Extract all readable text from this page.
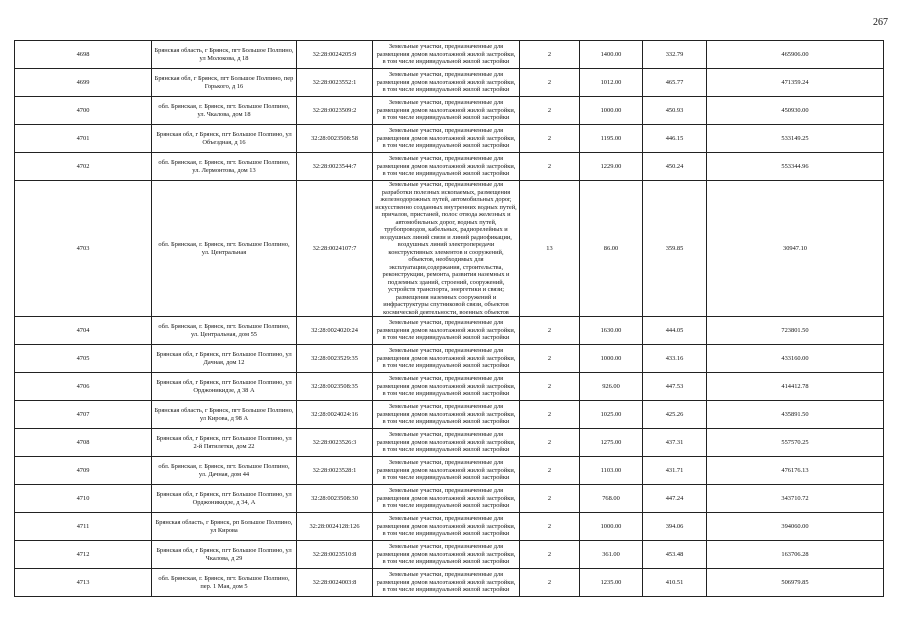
267
4698	Брянская область, г Брянск, пгт Большое Полпино, ул Молокова, д 18	32:28:0024205:9	Земельные участки, предназначенные для размещения домов малоэтажной жилой застройки, в том числе индивидуальной жилой застройки	2	1400.00	332.79	465906.00
4699	Брянская обл, г Брянск, пгт Большое Полпино, пер Горького, д 16	32:28:0023552:1	Земельные участки, предназначенные для размещения домов малоэтажной жилой застройки, в том числе индивидуальной жилой застройки	2	1012.00	465.77	471359.24
4700	обл. Брянская, г. Брянск, пгт. Большое Полпино, ул. Чкалова, дом 18	32:28:0023509:2	Земельные участки, предназначенные для размещения домов малоэтажной жилой застройки, в том числе индивидуальной жилой застройки	2	1000.00	450.93	450930.00
4701	Брянская обл, г Брянск, пгт Большое Полпино, ул Объездная, д 16	32:28:0023508:58	Земельные участки, предназначенные для размещения домов малоэтажной жилой застройки, в том числе индивидуальной жилой застройки	2	1195.00	446.15	533149.25
4702	обл. Брянская, г. Брянск, пгт. Большое Полпино, ул. Лермонтова, дом 13	32:28:0023544:7	Земельные участки, предназначенные для размещения домов малоэтажной жилой застройки, в том числе индивидуальной жилой застройки	2	1229.00	450.24	553344.96
4703	обл. Брянская, г. Брянск, пгт. Большое Полпино, ул. Центральная	32:28:0024107:7	Земельные участки, предназначенные для разработки полезных ископаемых, размещения железнодорожных путей, автомобильных дорог, искусственно созданных внутренних водных путей, причалов, пристаней, полос отвода железных и автомобильных дорог, водных путей, трубопроводов, кабельных, радиорелейных и воздушных линий связи и линий радиофикации, воздушных линий электропередачи конструктивных элементов и сооружений, объектов, необходимых для эксплуатации,содержания, строительства, реконструкции, ремонта, развития наземных и подземных зданий, строений, сооружений, устройств транспорта, энергетики и связи; размещения наземных сооружений и инфраструктуры спутниковой связи, объектов космической деятельности, военных объектов	13	86.00	359.85	30947.10
4704	обл. Брянская, г. Брянск, пгт. Большое Полпино, ул. Центральная, дом 55	32:28:0024020:24	Земельные участки, предназначенные для размещения домов малоэтажной жилой застройки, в том числе индивидуальной жилой застройки	2	1630.00	444.05	723801.50
4705	Брянская обл, г Брянск, пгт Большое Полпино, ул Дачная, дом 12	32:28:0023529:35	Земельные участки, предназначенные для размещения домов малоэтажной жилой застройки, в том числе индивидуальной жилой застройки	2	1000.00	433.16	433160.00
4706	Брянская обл, г Брянск, пгт Большое Полпино, ул Орджоникидзе, д 38 А	32:28:0023508:35	Земельные участки, предназначенные для размещения домов малоэтажной жилой застройки, в том числе индивидуальной жилой застройки	2	926.00	447.53	414412.78
4707	Брянская область, г Брянск, пгт Большое Полпино, ул Кирова, д 98 А	32:28:0024024:16	Земельные участки, предназначенные для размещения домов малоэтажной жилой застройки, в том числе индивидуальной жилой застройки	2	1025.00	425.26	435891.50
4708	Брянская обл, г Брянск, пгт Большое Полпино, ул 2-й Пятилетки, дом 22	32:28:0023526:3	Земельные участки, предназначенные для размещения домов малоэтажной жилой застройки, в том числе индивидуальной жилой застройки	2	1275.00	437.31	557570.25
4709	обл. Брянская, г. Брянск, пгт. Большое Полпино, ул. Дачная, дом 44	32:28:0023528:1	Земельные участки, предназначенные для размещения домов малоэтажной жилой застройки, в том числе индивидуальной жилой застройки	2	1103.00	431.71	476176.13
4710	Брянская обл, г Брянск, пгт Большое Полпино, ул Орджоникидзе, д 34, А	32:28:0023508:30	Земельные участки, предназначенные для размещения домов малоэтажной жилой застройки, в том числе индивидуальной жилой застройки	2	768.00	447.24	343710.72
4711	Брянская область, г Брянск, рп Большое Полпино, ул Кирова	32:28:0024128:126	Земельные участки, предназначенные для размещения домов малоэтажной жилой застройки, в том числе индивидуальной жилой застройки	2	1000.00	394.06	394060.00
4712	Брянская обл, г Брянск, пгт Большое Полпино, ул Чкалова, д 29	32:28:0023510:8	Земельные участки, предназначенные для размещения домов малоэтажной жилой застройки, в том числе индивидуальной жилой застройки	2	361.00	453.48	163706.28
4713	обл. Брянская, г. Брянск, пгт. Большое Полпино, пер. 1 Мая, дом 5	32:28:0024003:8	Земельные участки, предназначенные для размещения домов малоэтажной жилой застройки, в том числе индивидуальной жилой застройки	2	1235.00	410.51	506979.85
